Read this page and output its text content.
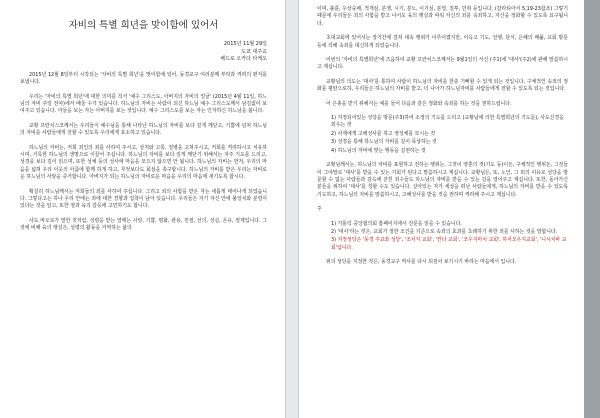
자비의 특별 희년을 맞이함에 있어서
2015년 11월 29일
도쿄 대주교
베드로 오카다 타케오

2015년 12월 8일부터 시작되는 '자비의 특별 희년'을 맞이함에 있어, 동경교구 여러분께 부탁과 격려의 편지를 보냅니다.

우리는 '자비의 특별 희년'에 대한 의미를 칙서 '예수 그리스도, 아버지의 자비의 얼굴' (2015년 4월 11일, 하느님의 자비 주일 전야)에서 배울 수가 있습니다. 하느님의 자비는 사람이 되신 하느님 예수 그리스도께서 남김없이 보여주고 있습니다. 아들을 보는 자는 아버지를 보는 것입니다. 예수 그리스도를 보는 자는 인자하신 하느님을 봅니다.

교황 프란치스코께서는 우리들이 예수님을 통해 나타난 하느님의 자비를 보다 깊게 깨닫고, 기쁨에 넘쳐 하느님의 자비를 사람들에게 전할 수 있도록 우리에게 호소하고 있습니다.

하느님의 자비는, 저희 죄인의 죄를 사하여 주시고, 상처와 고통, 질병을 고쳐주시고, 저희를 격려하시고 치유하시며, 거룩한 하느님의 생명으로 이끌어 주십니다. 하느님의 자비를 보다 깊게 깨닫기 위해서는 자주 기도를 드리고, 성경을 보다 깊이 읽으며, 또한 성체 등의 성사에 마음을 모으지 않으면 안 됩니다. 하느님의 자비는 먼저, 우리의 마음을 넓혀 우리 이웃의 아픔에 함께 하게 하고, 무엇보다도 회심을 촉구합니다. 하느님의 자비를 받은 우리는 자비로운 하느님의 사랑을 증거합니다. 아버지가 되는 하느님의 자비로운 마음을 우리의 마음에 새기도록 합시다.

확실히 하느님께서는 저희들의 죄를 사하여 주십니다. 그리고 죄의 사함을 받은 자는 새롭게 태어나게 되었습니다. 그렇다고는 하나 우리 안에는 죄에 대한 경향과 집착이 남아 있습니다. 우리들은 자기 자신 안에 불일치와 분열이 있다는 것을 알고, 또한 영과 육의 갈등에 고민하기도 합니다.

사도 바오로가 말한 것처럼, 성령을 받는 열매는 사랑, 기쁨, 평화, 관용, 친절, 선의, 성실, 온유, 절제입니다. 그것에 비해 육의 행실은, 성령의 활동을 거역하는 삶의

이며, 불륜, 우상숭배, 적개심, 분쟁, 시기, 분노, 이기심, 분열, 질투, 만취 등입니다. (갈라티아서 5,19-23참조) 그렇기 때문에 우리들은 죄의 사함을 받고 나서도 육의 행실과 싸워 자신의 죄를 속죄하고, 자신을 정화할 수 있도록 요구됩니다.

초대교회에 있어서는 장기간에 걸쳐 대속 행위가 이루어졌지만, 이윽고 기도, 선행, 단식, 은혜의 배풂, 교회 방문 등에 의해 속죄를 대신하게 되었습니다.

이번의 '자비의 특별희년'에 즈음하여 교황 프란치스코께서는 9월1일의 서신 (주1)에 '대사'(주2)에 관해 말씀하시고 계십니다.

교황님의 의도는 '대사'를 통하여 사람이 하느님의 자비를 한층 기뻐할 수 있게 되는 것입니다. 구체적인 속죄의 정화를 평탄으로하, 우리들은 하느님의 자비를 받고, 더 나아가 하느님자비를 사람들에게 전할 수 있도록 되는 것입니다.

이 은총을 받기 위해서는 예를 들어 다음과 같은 정화와 속죄를 하는 것을 권하드립니다.

1) 지정되어있는 성당을 방문(주3)하여 소정의 기도를 드리고 (교황님에 의한 특별희년의 기도문), 사도신경을 외우는 것
2) 사제에게 고해성사를 하고 영성체를 모시는 것
3) 성경을 통해 하느님의 자비를 깊이 묵상하는 것
4) 하느님의 자비에 맞는 행동을 실천하는 것

교황님께서는, 하느님의 자비를 표현하고 전하는 행위는, 그것이 영혼의 것(기도 등)이든, 구체적인 행위든, 그것들이 그야말로 '대사'를 받을 수 있는 기회가 된다고 말씀하시고 계십니다. 교황님은, 또, 노인, 그 외의 이유로 성당을 방문할 수 없는 사람들과 감옥에 갇힌 죄수들도 하느님의 자비를 받을 수 있는 길을 열어주고 계십니다. 또한, 돌아가신 분들을 위하여 '대사'를 청할 수도 있습니다. 살아있는 자가 세상을 떠난 사람들에게, 하느님의 자비를 받을 수 있도록 기도하고, 하느님의 자비를 말씀하시고, 고해성사를 받을 것을 권하며 격려해 주시고 계십니다.

주

1) 가톨릭 중앙협의회 홈페이지에서 전문을 읽을 수 있습니다.
2) '대사'라는 것은, 교회가 정한 조건을 기준으로 속죄의 효과를 초래하기 위한 죄를 사하는 것을 말합니다.
3) 지정성당은 '동경 주교좌 성당', '조치지 교회', '칸다 교회', '코우지마치 교회', 하치오우지교회', '니시치바 교회'입니다.

위의 성당을 지정한 것은, 동경교구 역사를 다시 되짚어 보기시기 바라는 마음에서 입니다.
